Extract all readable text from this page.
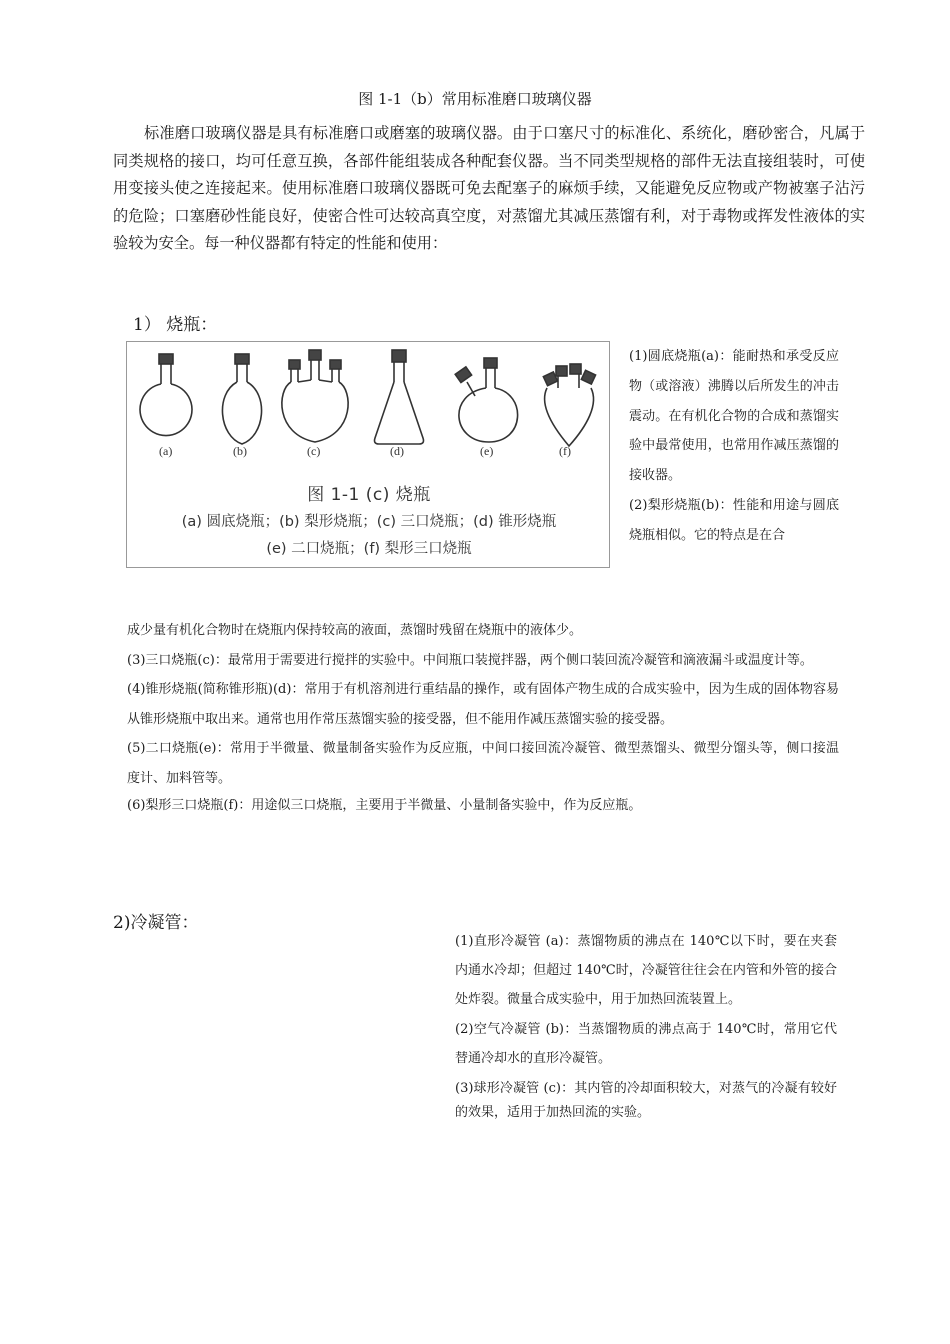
图 1-1（b）常用标准磨口玻璃仪器

标准磨口玻璃仪器是具有标准磨口或磨塞的玻璃仪器。由于口塞尺寸的标准化、系统化，磨砂密合，凡属于同类规格的接口，均可任意互换，各部件能组装成各种配套仪器。当不同类型规格的部件无法直接组装时，可使用变接头使之连接起来。使用标准磨口玻璃仪器既可免去配塞子的麻烦手续，又能避免反应物或产物被塞子沾污的危险；口塞磨砂性能良好，使密合性可达较高真空度，对蒸馏尤其减压蒸馏有利，对于毒物或挥发性液体的实验较为安全。每一种仪器都有特定的性能和使用：

1） 烧瓶：
(a)	(b)	(c)	(d)	(e)	(f)
图 1-1 (c) 烧瓶
(a) 圆底烧瓶；(b) 梨形烧瓶；(c) 三口烧瓶；(d) 锥形烧瓶
(e) 二口烧瓶；(f) 梨形三口烧瓶

(1)圆底烧瓶(a)：能耐热和承受反应物（或溶液）沸腾以后所发生的冲击震动。在有机化合物的合成和蒸馏实验中最常使用，也常用作减压蒸馏的接收器。

(2)梨形烧瓶(b)：性能和用途与圆底烧瓶相似。它的特点是在合

成少量有机化合物时在烧瓶内保持较高的液面，蒸馏时残留在烧瓶中的液体少。

(3)三口烧瓶(c)：最常用于需要进行搅拌的实验中。中间瓶口装搅拌器，两个侧口装回流冷凝管和滴液漏斗或温度计等。

(4)锥形烧瓶(简称锥形瓶)(d)：常用于有机溶剂进行重结晶的操作，或有固体产物生成的合成实验中，因为生成的固体物容易从锥形烧瓶中取出来。通常也用作常压蒸馏实验的接受器，但不能用作减压蒸馏实验的接受器。

(5)二口烧瓶(e)：常用于半微量、微量制备实验作为反应瓶，中间口接回流冷凝管、微型蒸馏头、微型分馏头等，侧口接温度计、加料管等。

(6)梨形三口烧瓶(f)：用途似三口烧瓶，主要用于半微量、小量制备实验中，作为反应瓶。

2)冷凝管：

(1)直形冷凝管 (a)：蒸馏物质的沸点在 140℃以下时，要在夹套内通水冷却；但超过 140℃时，冷凝管往往会在内管和外管的接合处炸裂。微量合成实验中，用于加热回流装置上。

(2)空气冷凝管 (b)：当蒸馏物质的沸点高于 140℃时，常用它代替通冷却水的直形冷凝管。

(3)球形冷凝管 (c)：其内管的冷却面积较大，对蒸气的冷凝有较好的效果，适用于加热回流的实验。
